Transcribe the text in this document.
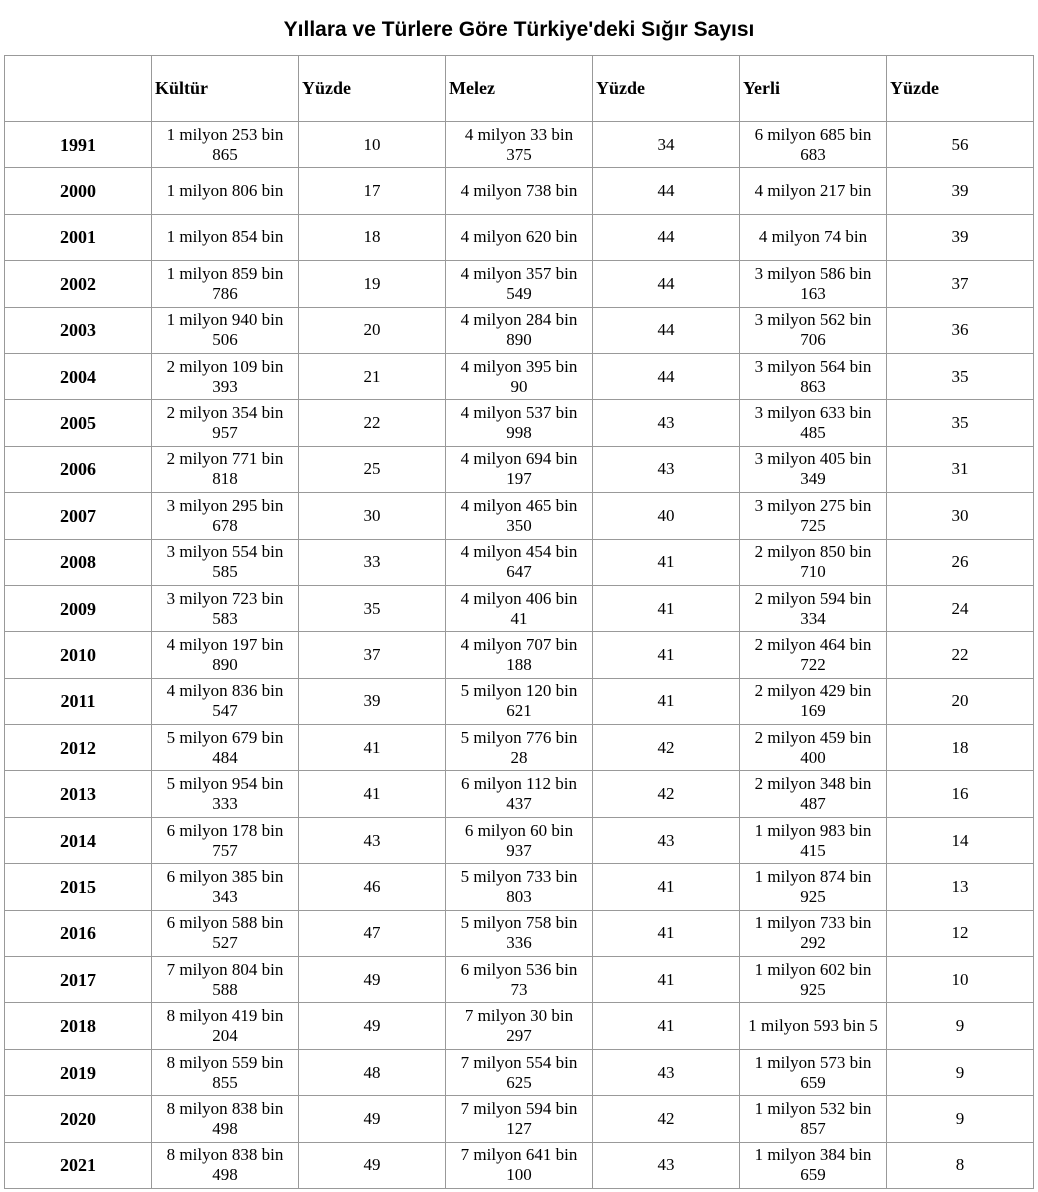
Yıllara ve Türlere Göre Türkiye'deki Sığır Sayısı
	Kültür	Yüzde	Melez	Yüzde	Yerli	Yüzde
1991	1 milyon 253 bin 865	10	4 milyon 33 bin 375	34	6 milyon 685 bin 683	56
2000	1 milyon 806 bin	17	4 milyon 738 bin	44	4 milyon 217 bin	39
2001	1 milyon 854 bin	18	4 milyon 620 bin	44	4 milyon 74 bin	39
2002	1 milyon 859 bin 786	19	4 milyon 357 bin 549	44	3 milyon 586 bin 163	37
2003	1 milyon 940 bin 506	20	4 milyon 284 bin 890	44	3 milyon 562 bin 706	36
2004	2 milyon 109 bin 393	21	4 milyon 395 bin 90	44	3 milyon 564 bin 863	35
2005	2 milyon 354 bin 957	22	4 milyon 537 bin 998	43	3 milyon 633 bin 485	35
2006	2 milyon 771 bin 818	25	4 milyon 694 bin 197	43	3 milyon 405 bin 349	31
2007	3 milyon 295 bin 678	30	4 milyon 465 bin 350	40	3 milyon 275 bin 725	30
2008	3 milyon 554 bin 585	33	4 milyon 454 bin 647	41	2 milyon 850 bin 710	26
2009	3 milyon 723 bin 583	35	4 milyon 406 bin 41	41	2 milyon 594 bin 334	24
2010	4 milyon 197 bin 890	37	4 milyon 707 bin 188	41	2 milyon 464 bin 722	22
2011	4 milyon 836 bin 547	39	5 milyon 120 bin 621	41	2 milyon 429 bin 169	20
2012	5 milyon 679 bin 484	41	5 milyon 776 bin 28	42	2 milyon 459 bin 400	18
2013	5 milyon 954 bin 333	41	6 milyon 112 bin 437	42	2 milyon 348 bin 487	16
2014	6 milyon 178 bin 757	43	6 milyon 60 bin 937	43	1 milyon 983 bin 415	14
2015	6 milyon 385 bin 343	46	5 milyon 733 bin 803	41	1 milyon 874 bin 925	13
2016	6 milyon 588 bin 527	47	5 milyon 758 bin 336	41	1 milyon 733 bin 292	12
2017	7 milyon 804 bin 588	49	6 milyon 536 bin 73	41	1 milyon 602 bin 925	10
2018	8 milyon 419 bin 204	49	7 milyon 30 bin 297	41	1 milyon 593 bin 5	9
2019	8 milyon 559 bin 855	48	7 milyon 554 bin 625	43	1 milyon 573 bin 659	9
2020	8 milyon 838 bin 498	49	7 milyon 594 bin 127	42	1 milyon 532 bin 857	9
2021	8 milyon 838 bin 498	49	7 milyon 641 bin 100	43	1 milyon 384 bin 659	8
